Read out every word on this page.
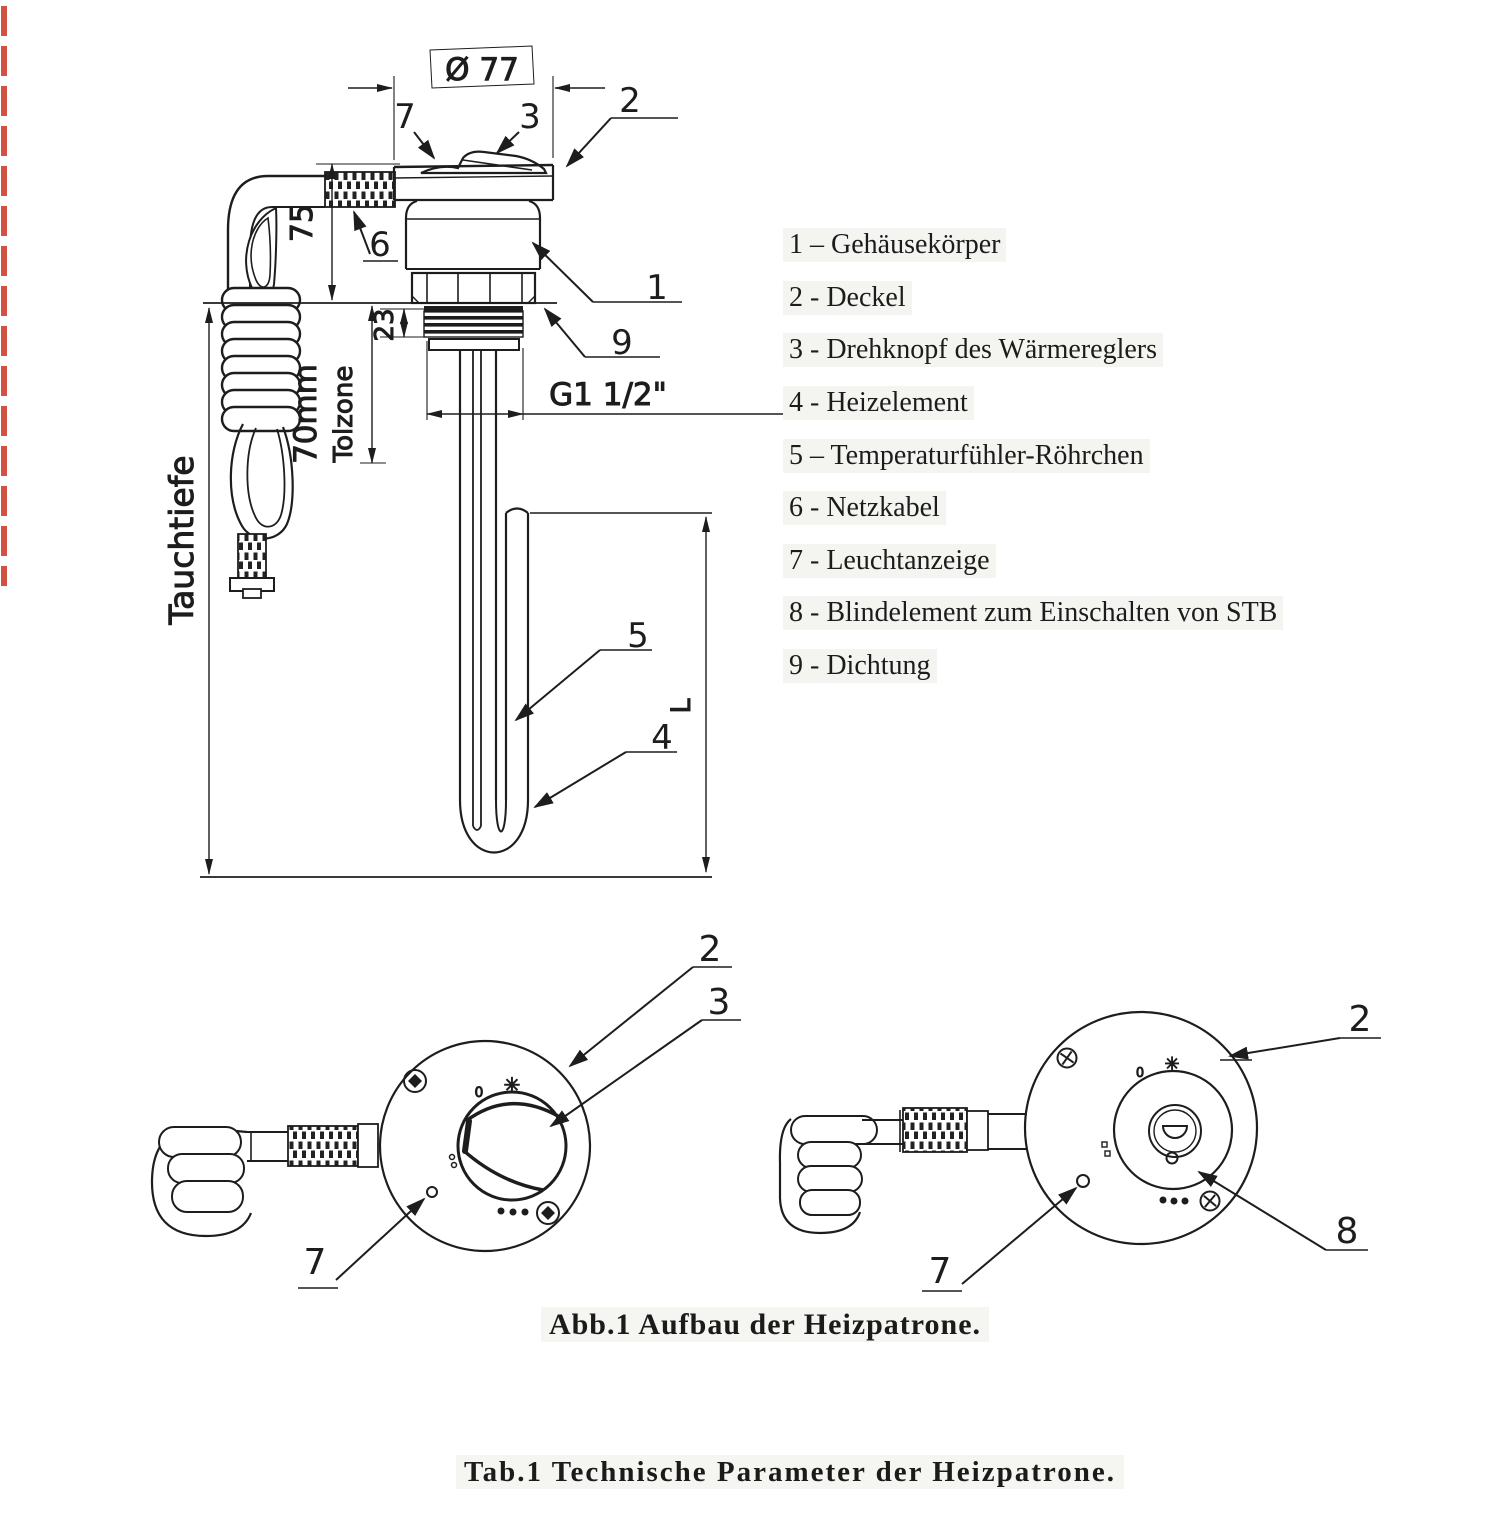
Ø 77
75
23
70mm Tolzone
Tauchtiefe
G1 1/2"
L
7	3 2
6
1
9
5
4
✳
0
2
3
7
✳
0
2
8
7
1 – Gehäusekörper
2 - Deckel
3 - Drehknopf des Wärmereglers
4 - Heizelement
5 – Temperaturfühler-Röhrchen
6 - Netzkabel
7 - Leuchtanzeige
8 - Blindelement zum Einschalten von STB
9 - Dichtung
Abb.1 Aufbau der Heizpatrone.
Tab.1 Technische Parameter der Heizpatrone.
